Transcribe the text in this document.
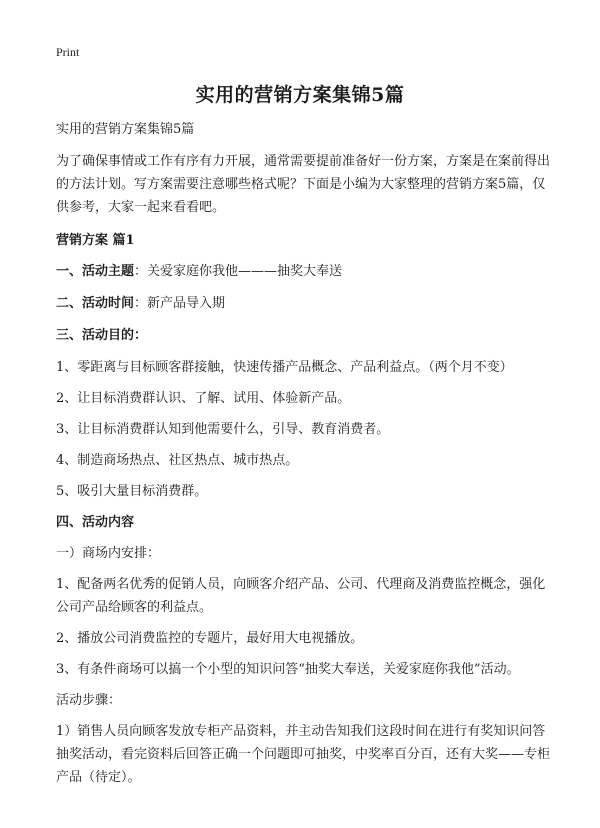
Print
实用的营销方案集锦5篇

实用的营销方案集锦5篇

为了确保事情或工作有序有力开展，通常需要提前准备好一份方案，方案是在案前得出的方法计划。写方案需要注意哪些格式呢？下面是小编为大家整理的营销方案5篇，仅供参考，大家一起来看看吧。

营销方案 篇1

一、活动主题：关爱家庭你我他———抽奖大奉送

二、活动时间：新产品导入期

三、活动目的：

1、零距离与目标顾客群接触，快速传播产品概念、产品利益点。（两个月不变）

2、让目标消费群认识、了解、试用、体验新产品。

3、让目标消费群认知到他需要什么，引导、教育消费者。

4、制造商场热点、社区热点、城市热点。

5、吸引大量目标消费群。

四、活动内容

一）商场内安排：

1、配备两名优秀的促销人员，向顾客介绍产品、公司、代理商及消费监控概念，强化公司产品给顾客的利益点。

2、播放公司消费监控的专题片，最好用大电视播放。

3、有条件商场可以搞一个小型的知识问答“抽奖大奉送，关爱家庭你我他”活动。

活动步骤：

1）销售人员向顾客发放专柜产品资料，并主动告知我们这段时间在进行有奖知识问答抽奖活动，看完资料后回答正确一个问题即可抽奖，中奖率百分百，还有大奖——专柜产品（待定）。
